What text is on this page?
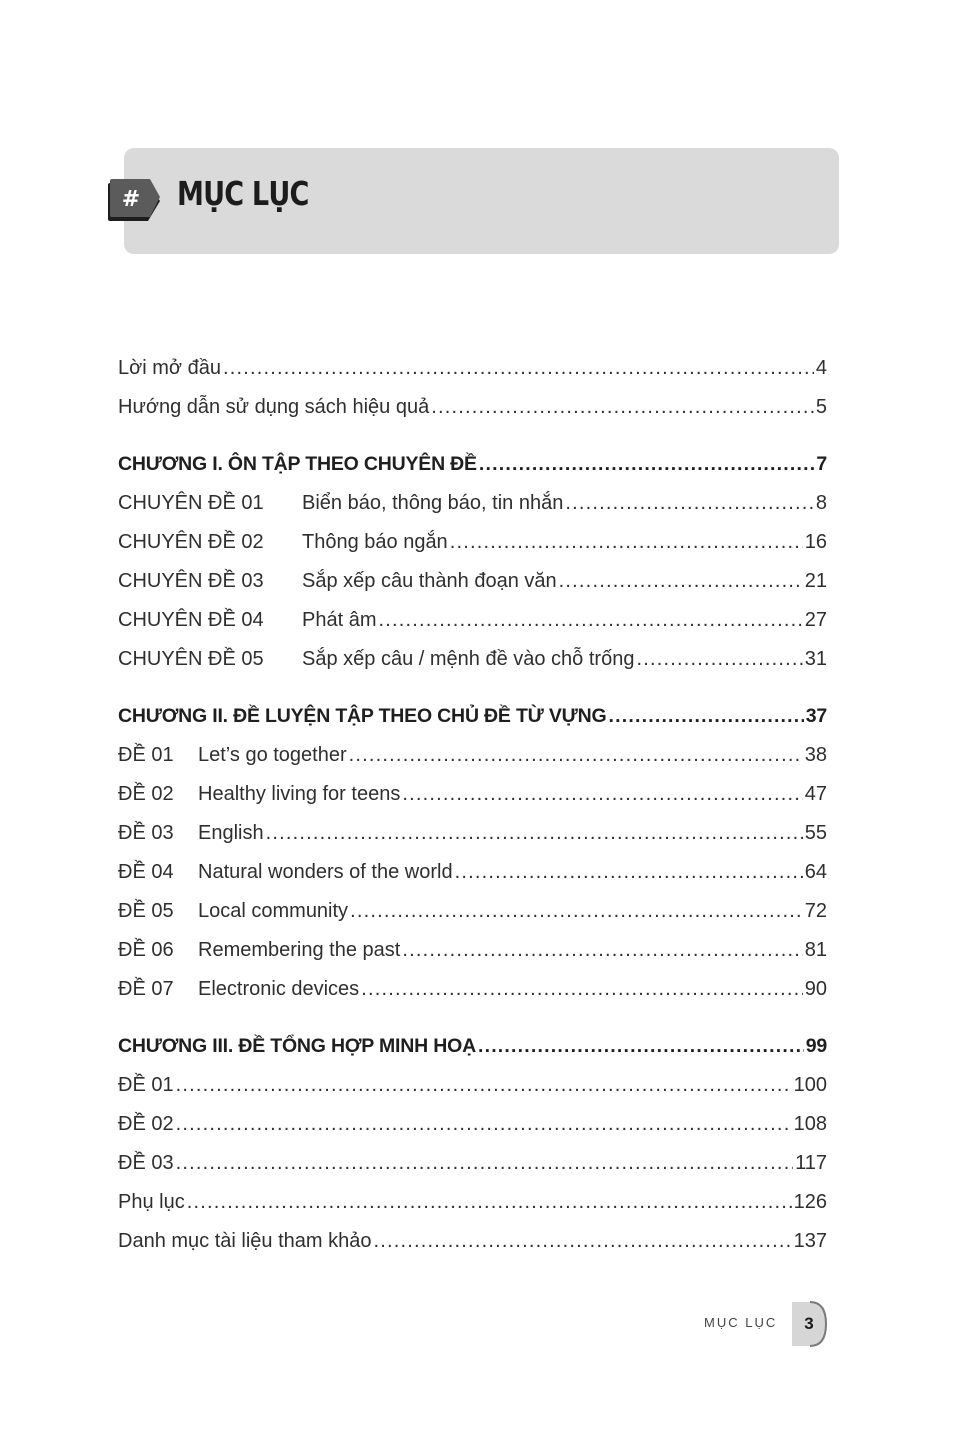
# MỤC LỤC
Lời mở đầu .....	4
Hướng dẫn sử dụng sách hiệu quả .....	5
CHƯƠNG I. ÔN TẬP THEO CHUYÊN ĐỀ .....	7
CHUYÊN ĐỀ 01	Biển báo, thông báo, tin nhắn .....	8
CHUYÊN ĐỀ 02	Thông báo ngắn .....	16
CHUYÊN ĐỀ 03	Sắp xếp câu thành đoạn văn .....	21
CHUYÊN ĐỀ 04	Phát âm .....	27
CHUYÊN ĐỀ 05	Sắp xếp câu / mệnh đề vào chỗ trống .....	31
CHƯƠNG II. ĐỀ LUYỆN TẬP THEO CHỦ ĐỀ TỪ VỰNG .....	37
ĐỀ 01	Let’s go together .....	38
ĐỀ 02	Healthy living for teens .....	47
ĐỀ 03	English .....	55
ĐỀ 04	Natural wonders of the world .....	64
ĐỀ 05	Local community .....	72
ĐỀ 06	Remembering the past .....	81
ĐỀ 07	Electronic devices .....	90
CHƯƠNG III. ĐỀ TỔNG HỢP MINH HOẠ .....	99
ĐỀ 01 .....	100
ĐỀ 02 .....	108
ĐỀ 03 .....	117
Phụ lục .....	126
Danh mục tài liệu tham khảo .....	137
MỤC LỤC	3
